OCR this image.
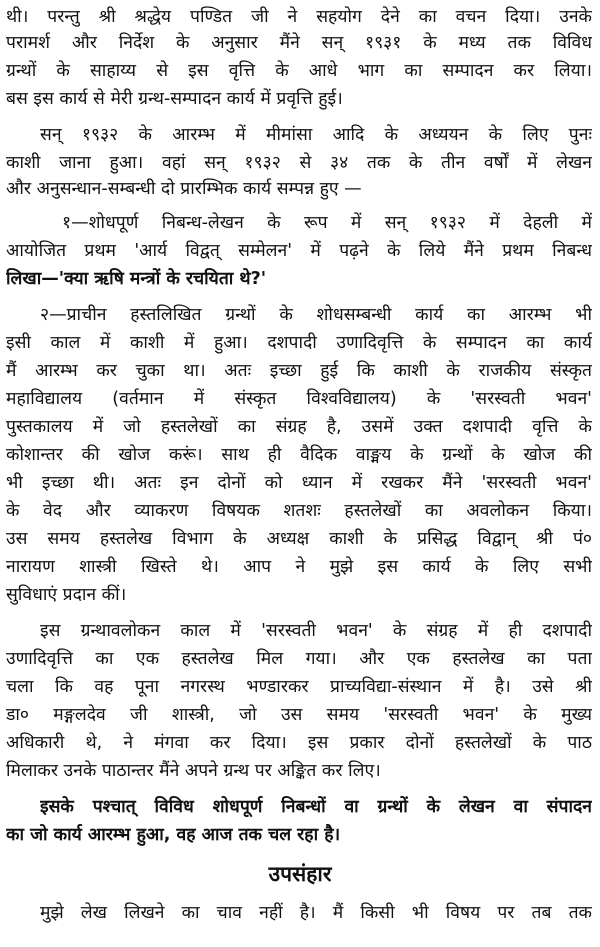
थी। परन्तु श्री श्रद्धेय पण्डित जी ने सहयोग देने का वचन दिया। उनके
परामर्श और निर्देश के अनुसार मैंने सन् १९३१ के मध्य तक विविध
ग्रन्थों के साहाय्य से इस वृत्ति के आधे भाग का सम्पादन कर लिया।
बस इस कार्य से मेरी ग्रन्थ-सम्पादन कार्य में प्रवृत्ति हुई।
सन् १९३२ के आरम्भ में मीमांसा आदि के अध्ययन के लिए पुनः
काशी जाना हुआ। वहां सन् १९३२ से ३४ तक के तीन वर्षों में लेखन
और अनुसन्धान-सम्बन्धी दो प्रारम्भिक कार्य सम्पन्न हुए —
१—शोधपूर्ण निबन्ध-लेखन के रूप में सन् १९३२ में देहली में
आयोजित प्रथम 'आर्य विद्वत् सम्मेलन' में पढ़ने के लिये मैंने प्रथम निबन्ध
लिखा—'क्या ऋषि मन्त्रों के रचयिता थे?'
२—प्राचीन हस्तलिखित ग्रन्थों के शोधसम्बन्धी कार्य का आरम्भ भी
इसी काल में काशी में हुआ। दशपादी उणादिवृत्ति के सम्पादन का कार्य
मैं आरम्भ कर चुका था। अतः इच्छा हुई कि काशी के राजकीय संस्कृत
महाविद्यालय (वर्तमान में संस्कृत विश्वविद्यालय) के 'सरस्वती भवन'
पुस्तकालय में जो हस्तलेखों का संग्रह है, उसमें उक्त दशपादी वृत्ति के
कोशान्तर की खोज करूं। साथ ही वैदिक वाङ्मय के ग्रन्थों के खोज की
भी इच्छा थी। अतः इन दोनों को ध्यान में रखकर मैंने 'सरस्वती भवन'
के वेद और व्याकरण विषयक शतशः हस्तलेखों का अवलोकन किया।
उस समय हस्तलेख विभाग के अध्यक्ष काशी के प्रसिद्ध विद्वान् श्री पं०
नारायण शास्त्री खिस्ते थे। आप ने मुझे इस कार्य के लिए सभी
सुविधाएं प्रदान कीं।
इस ग्रन्थावलोकन काल में 'सरस्वती भवन' के संग्रह में ही दशपादी
उणादिवृत्ति का एक हस्तलेख मिल गया। और एक हस्तलेख का पता
चला कि वह पूना नगरस्थ भण्डारकर प्राच्यविद्या-संस्थान में है। उसे श्री
डा० मङ्गलदेव जी शास्त्री, जो उस समय 'सरस्वती भवन' के मुख्य
अधिकारी थे, ने मंगवा कर दिया। इस प्रकार दोनों हस्तलेखों के पाठ
मिलाकर उनके पाठान्तर मैंने अपने ग्रन्थ पर अङ्कित कर लिए।
इसके पश्चात् विविध शोधपूर्ण निबन्धों वा ग्रन्थों के लेखन वा संपादन
का जो कार्य आरम्भ हुआ, वह आज तक चल रहा है।
उपसंहार
मुझे लेख लिखने का चाव नहीं है। मैं किसी भी विषय पर तब तक
